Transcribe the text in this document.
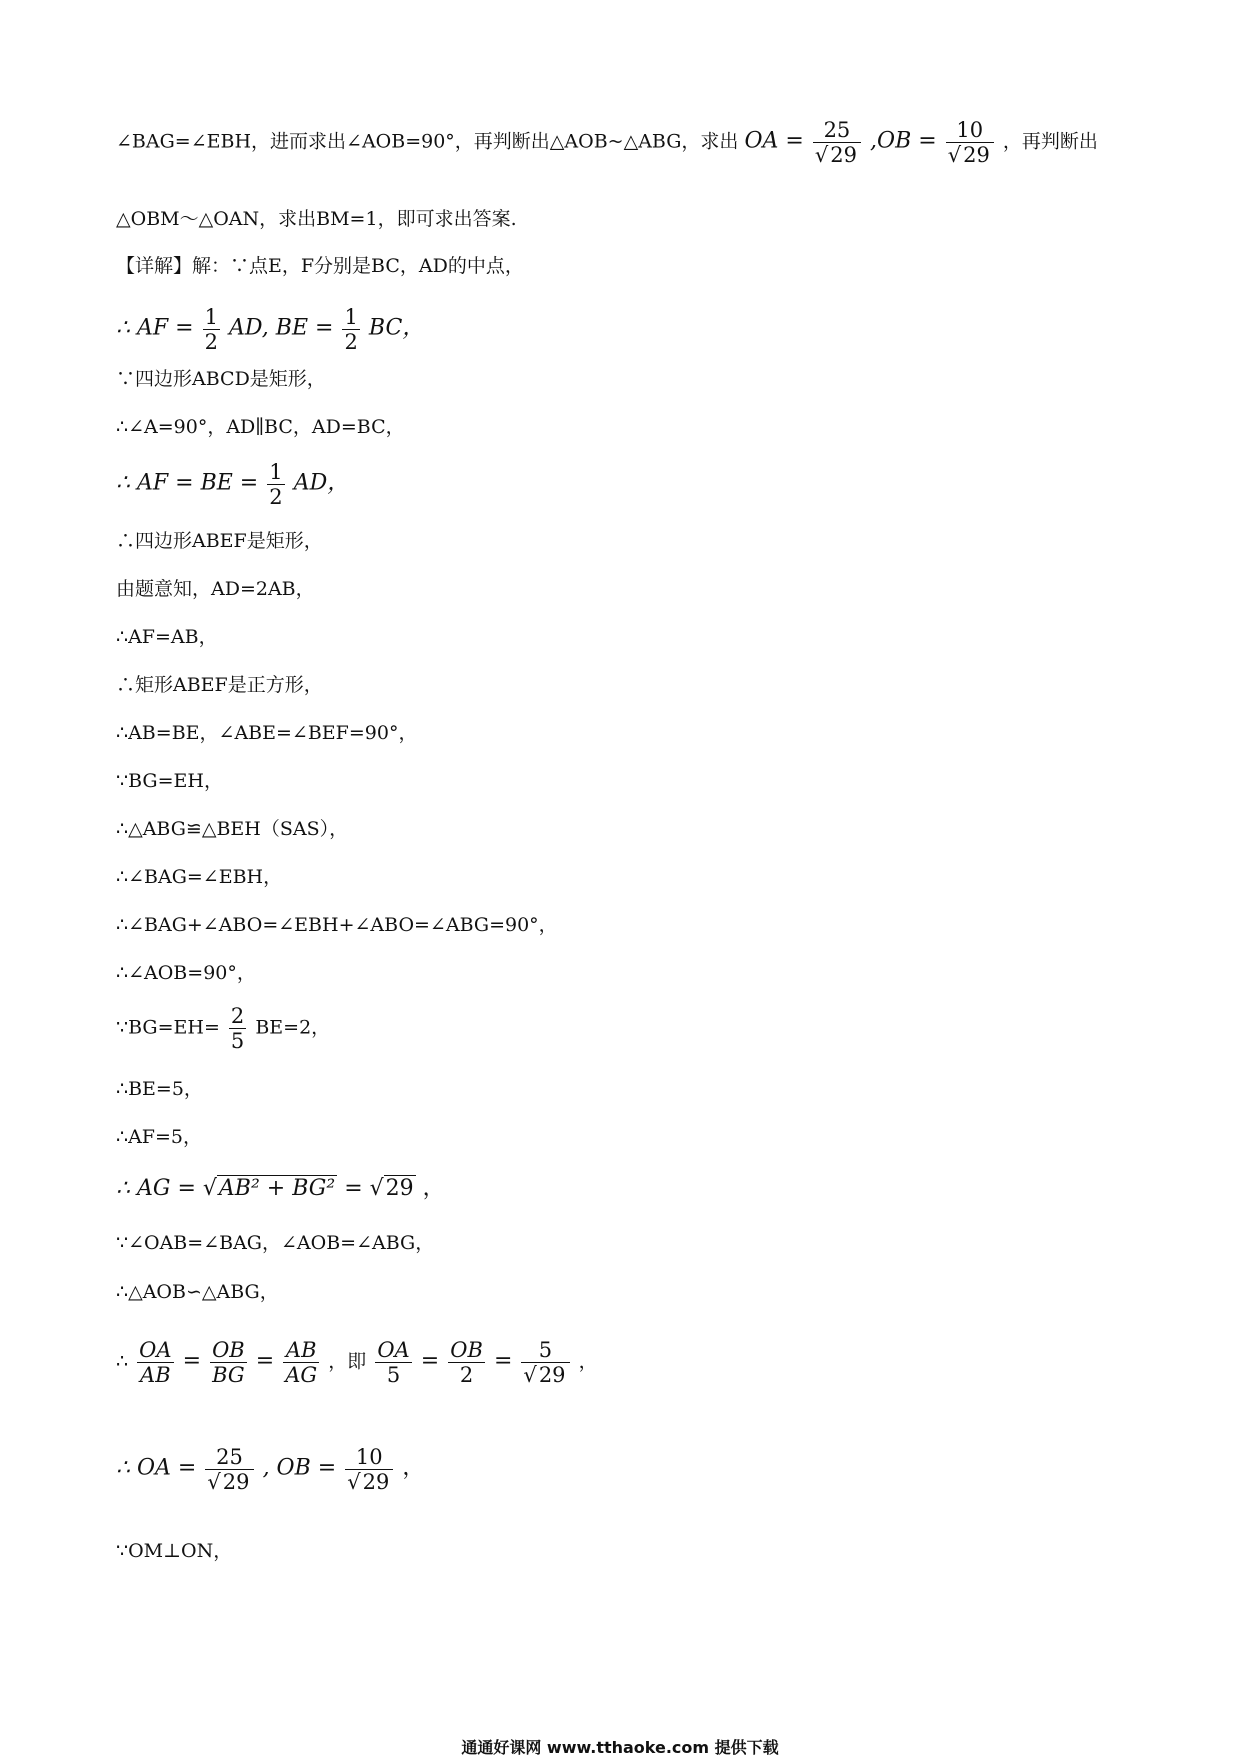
∠BAG=∠EBH，进而求出∠AOB=90°，再判断出△AOB~△ABG，求出 OA = $\frac{25}{√29} ,OB = \frac{10}{√29}$ ，再判断出
△OBM～△OAN，求出BM=1，即可求出答案.
【详解】解：∵点E，F分别是BC，AD的中点，
∴ AF = $\frac{1}{2}$ AD, BE = $\frac{1}{2}$ BC，
∵四边形ABCD是矩形，
∴∠A=90°，AD∥BC，AD=BC，
∴ AF = BE = $\frac{1}{2}$ AD，
∴四边形ABEF是矩形，
由题意知，AD=2AB，
∴AF=AB，
∴矩形ABEF是正方形，
∴AB=BE，∠ABE=∠BEF=90°，
∵BG=EH，
∴△ABG≌△BEH（SAS），
∴∠BAG=∠EBH，
∴∠BAG+∠ABO=∠EBH+∠ABO=∠ABG=90°，
∴∠AOB=90°，
∵BG=EH= $\frac{2}{5} BE=2$，
∴BE=5，
∴AF=5，
∴ AG = √AB² + BG² = √29 ，
∵∠OAB=∠BAG，∠AOB=∠ABG，
∴△AOB∽△ABG，
∴ $\frac{OA}{AB} = \frac{OB}{BG} = \frac{AB}{AG}$ ，即 $\frac{OA}{5} = \frac{OB}{2} = \frac{5}{√29}$ ，
∴ OA = $\frac{25}{√29}$ , OB = $\frac{10}{√29}$ ，
∵OM⊥ON，
通通好课网 www.tthaoke.com 提供下载
